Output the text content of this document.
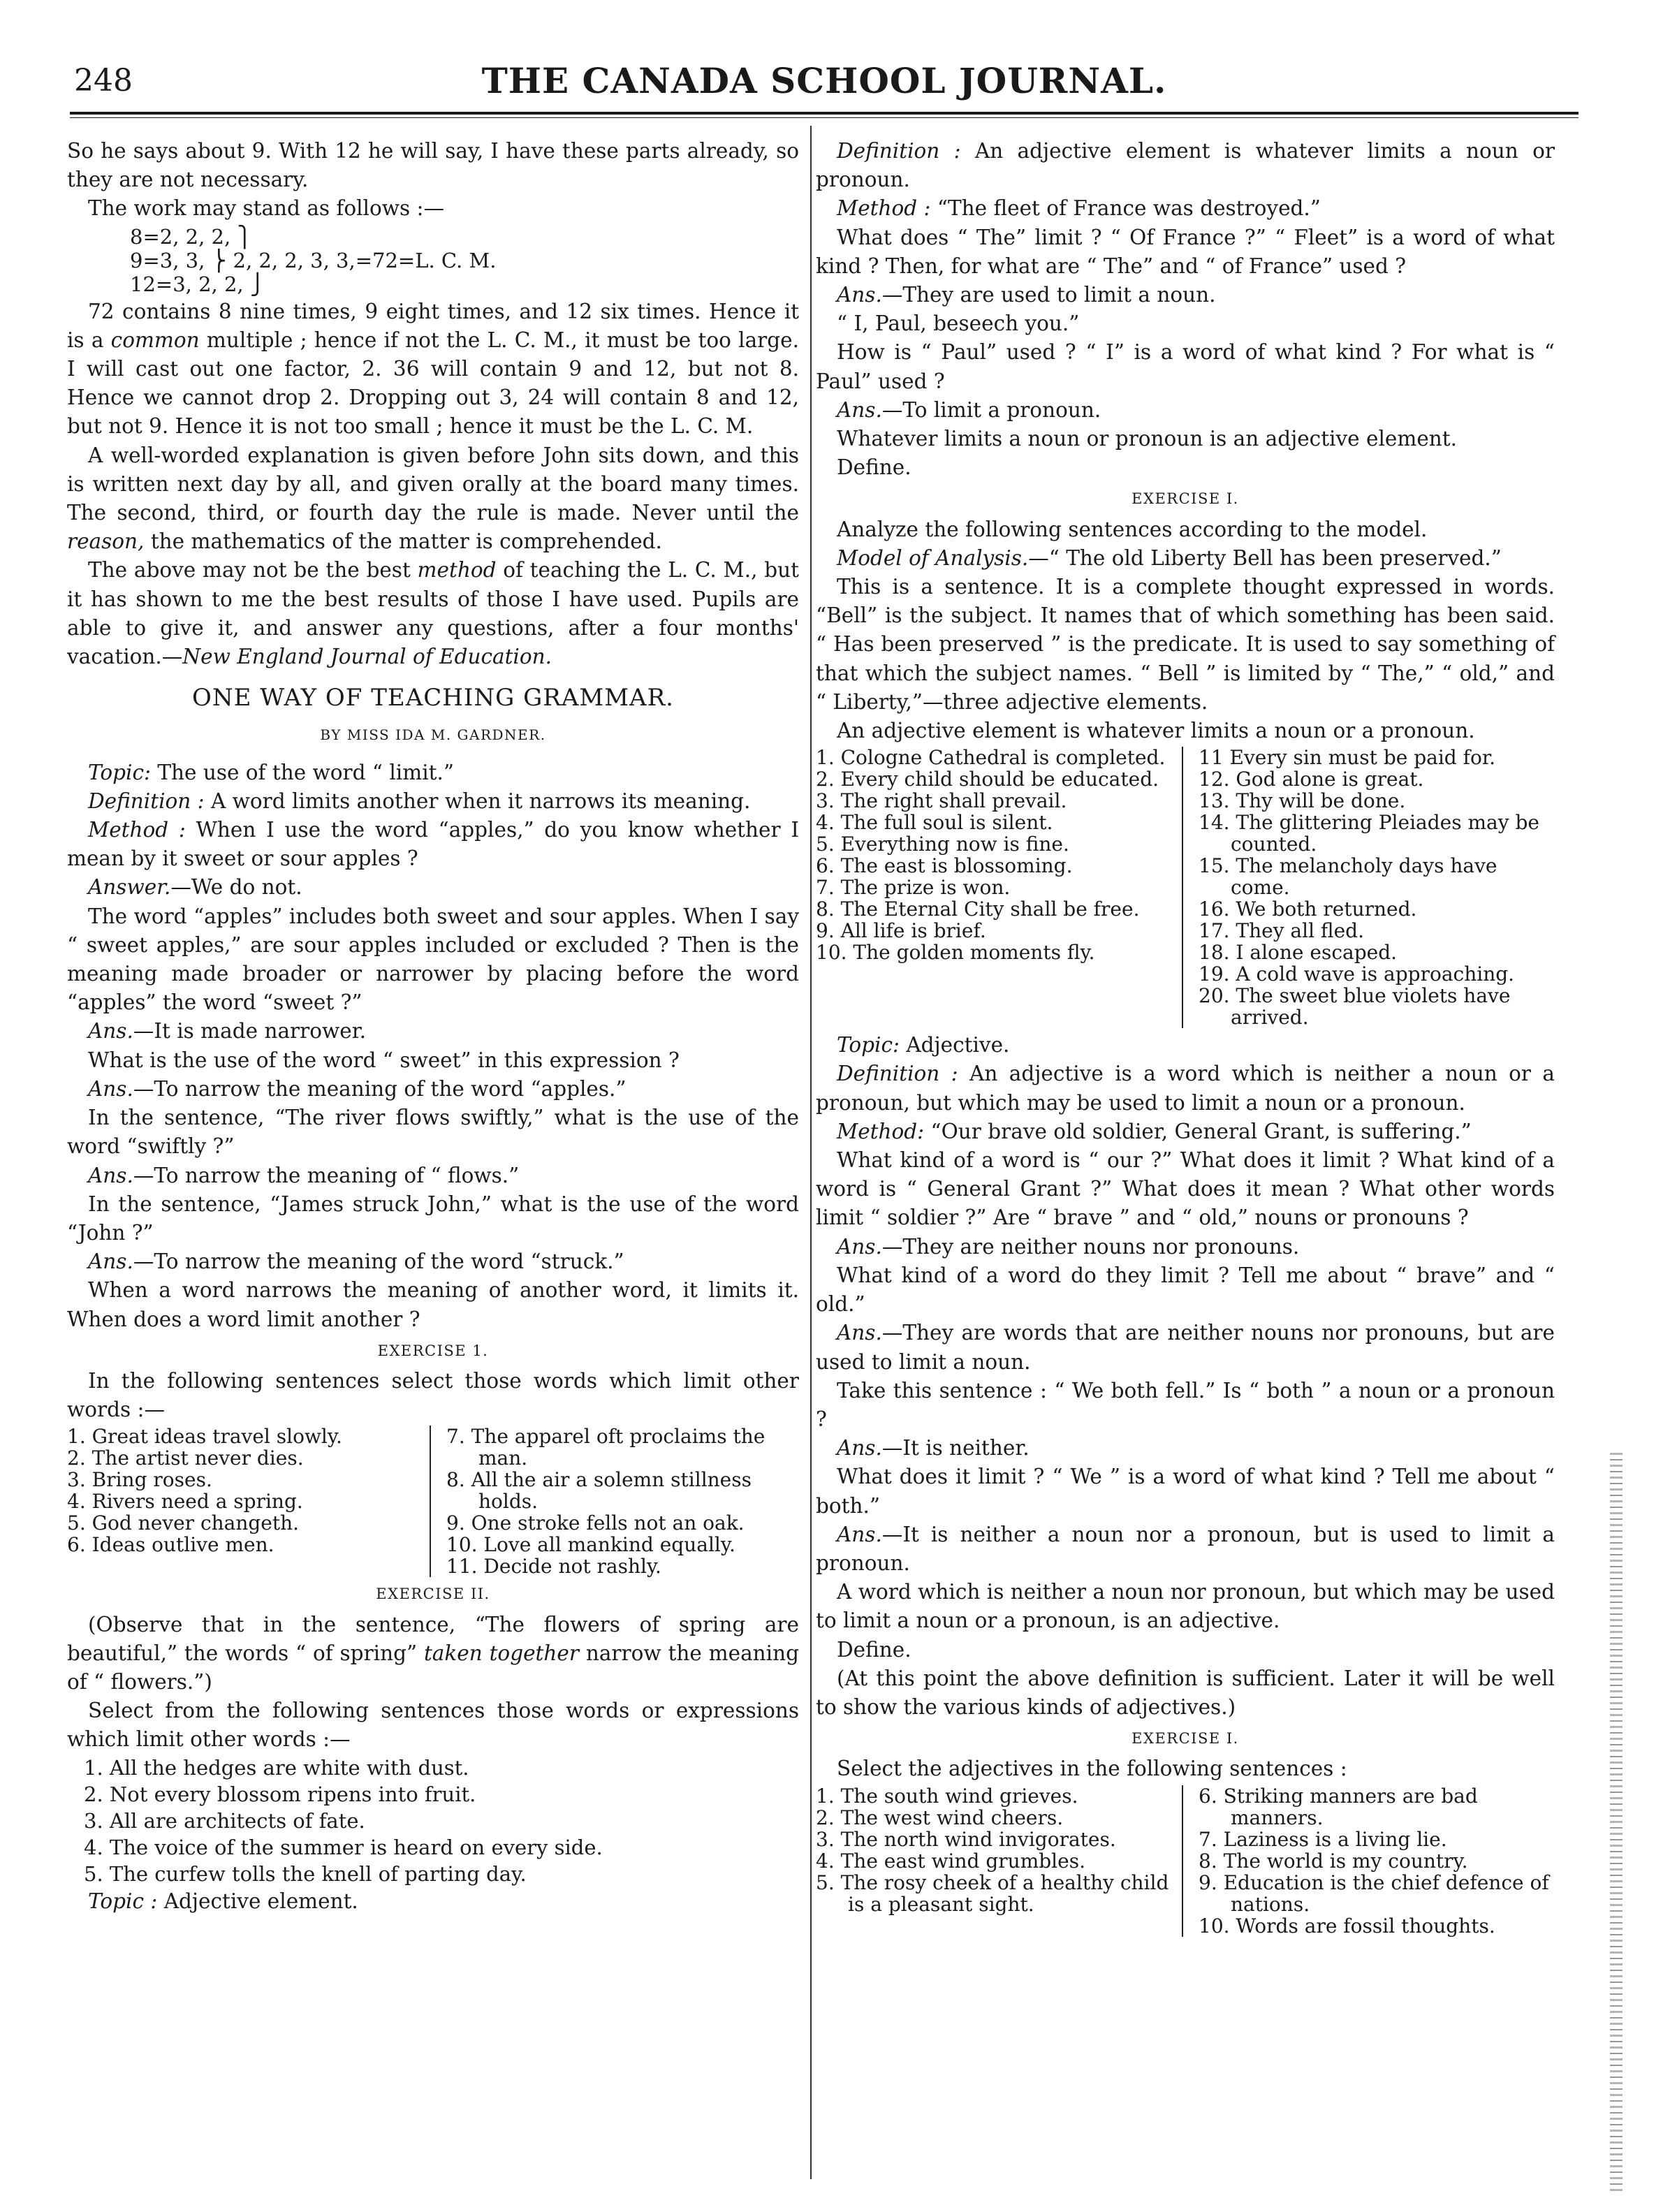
248	THE CANADA SCHOOL JOURNAL.

So he says about 9. With 12 he will say, I have these parts already, so they are not necessary.

The work may stand as follows :—

8=2, 2, 2, ⎫
9=3, 3, ⎬ 2, 2, 2, 3, 3,=72=L. C. M.
12=3, 2, 2, ⎭

72 contains 8 nine times, 9 eight times, and 12 six times. Hence it is a common multiple ; hence if not the L. C. M., it must be too large. I will cast out one factor, 2. 36 will contain 9 and 12, but not 8. Hence we cannot drop 2. Dropping out 3, 24 will contain 8 and 12, but not 9. Hence it is not too small ; hence it must be the L. C. M.

A well-worded explanation is given before John sits down, and this is written next day by all, and given orally at the board many times. The second, third, or fourth day the rule is made. Never until the reason, the mathematics of the matter is comprehended.

The above may not be the best method of teaching the L. C. M., but it has shown to me the best results of those I have used. Pupils are able to give it, and answer any questions, after a four months' vacation.—New England Journal of Education.

ONE WAY OF TEACHING GRAMMAR.
BY MISS IDA M. GARDNER.

Topic: The use of the word “ limit.”

Definition : A word limits another when it narrows its meaning.

Method : When I use the word “apples,” do you know whether I mean by it sweet or sour apples ?

Answer.—We do not.

The word “apples” includes both sweet and sour apples. When I say “ sweet apples,” are sour apples included or excluded ? Then is the meaning made broader or narrower by placing before the word “apples” the word “sweet ?”

Ans.—It is made narrower.

What is the use of the word “ sweet” in this expression ?

Ans.—To narrow the meaning of the word “apples.”

In the sentence, “The river flows swiftly,” what is the use of the word “swiftly ?”

Ans.—To narrow the meaning of “ flows.”

In the sentence, “James struck John,” what is the use of the word “John ?”

Ans.—To narrow the meaning of the word “struck.”

When a word narrows the meaning of another word, it limits it. When does a word limit another ?

EXERCISE 1.

In the following sentences select those words which limit other words :—

1. Great ideas travel slowly.
2. The artist never dies.
3. Bring roses.
4. Rivers need a spring.
5. God never changeth.
6. Ideas outlive men.
7. The apparel oft proclaims the man.
8. All the air a solemn stillness holds.
9. One stroke fells not an oak.
10. Love all mankind equally.
11. Decide not rashly.
EXERCISE II.

(Observe that in the sentence, “The flowers of spring are beautiful,” the words “ of spring” taken together narrow the meaning of “ flowers.”)

Select from the following sentences those words or expressions which limit other words :—

1. All the hedges are white with dust.
2. Not every blossom ripens into fruit.
3. All are architects of fate.
4. The voice of the summer is heard on every side.
5. The curfew tolls the knell of parting day.

Topic : Adjective element.

Definition : An adjective element is whatever limits a noun or pronoun.

Method : “The fleet of France was destroyed.”

What does “ The” limit ? “ Of France ?” “ Fleet” is a word of what kind ? Then, for what are “ The” and “ of France” used ?

Ans.—They are used to limit a noun.

“ I, Paul, beseech you.”

How is “ Paul” used ? “ I” is a word of what kind ? For what is “ Paul” used ?

Ans.—To limit a pronoun.

Whatever limits a noun or pronoun is an adjective element.

Define.

EXERCISE I.

Analyze the following sentences according to the model.

Model of Analysis.—“ The old Liberty Bell has been preserved.”

This is a sentence. It is a complete thought expressed in words. “Bell” is the subject. It names that of which something has been said. “ Has been preserved ” is the predicate. It is used to say something of that which the subject names. “ Bell ” is limited by “ The,” “ old,” and “ Liberty,”—three adjective elements.

An adjective element is whatever limits a noun or a pronoun.

1. Cologne Cathedral is completed.
2. Every child should be educated.
3. The right shall prevail.
4. The full soul is silent.
5. Everything now is fine.
6. The east is blossoming.
7. The prize is won.
8. The Eternal City shall be free.
9. All life is brief.
10. The golden moments fly.
11 Every sin must be paid for.
12. God alone is great.
13. Thy will be done.
14. The glittering Pleiades may be counted.
15. The melancholy days have come.
16. We both returned.
17. They all fled.
18. I alone escaped.
19. A cold wave is approaching.
20. The sweet blue violets have arrived.

Topic: Adjective.

Definition : An adjective is a word which is neither a noun or a pronoun, but which may be used to limit a noun or a pronoun.

Method: “Our brave old soldier, General Grant, is suffering.”

What kind of a word is “ our ?” What does it limit ? What kind of a word is “ General Grant ?” What does it mean ? What other words limit “ soldier ?” Are “ brave ” and “ old,” nouns or pronouns ?

Ans.—They are neither nouns nor pronouns.

What kind of a word do they limit ? Tell me about “ brave” and “ old.”

Ans.—They are words that are neither nouns nor pronouns, but are used to limit a noun.

Take this sentence : “ We both fell.” Is “ both ” a noun or a pronoun ?

Ans.—It is neither.

What does it limit ? “ We ” is a word of what kind ? Tell me about “ both.”

Ans.—It is neither a noun nor a pronoun, but is used to limit a pronoun.

A word which is neither a noun nor pronoun, but which may be used to limit a noun or a pronoun, is an adjective.

Define.

(At this point the above definition is sufficient. Later it will be well to show the various kinds of adjectives.)

EXERCISE I.

Select the adjectives in the following sentences :

1. The south wind grieves.
2. The west wind cheers.
3. The north wind invigorates.
4. The east wind grumbles.
5. The rosy cheek of a healthy child is a pleasant sight.
6. Striking manners are bad manners.
7. Laziness is a living lie.
8. The world is my country.
9. Education is the chief defence of nations.
10. Words are fossil thoughts.
